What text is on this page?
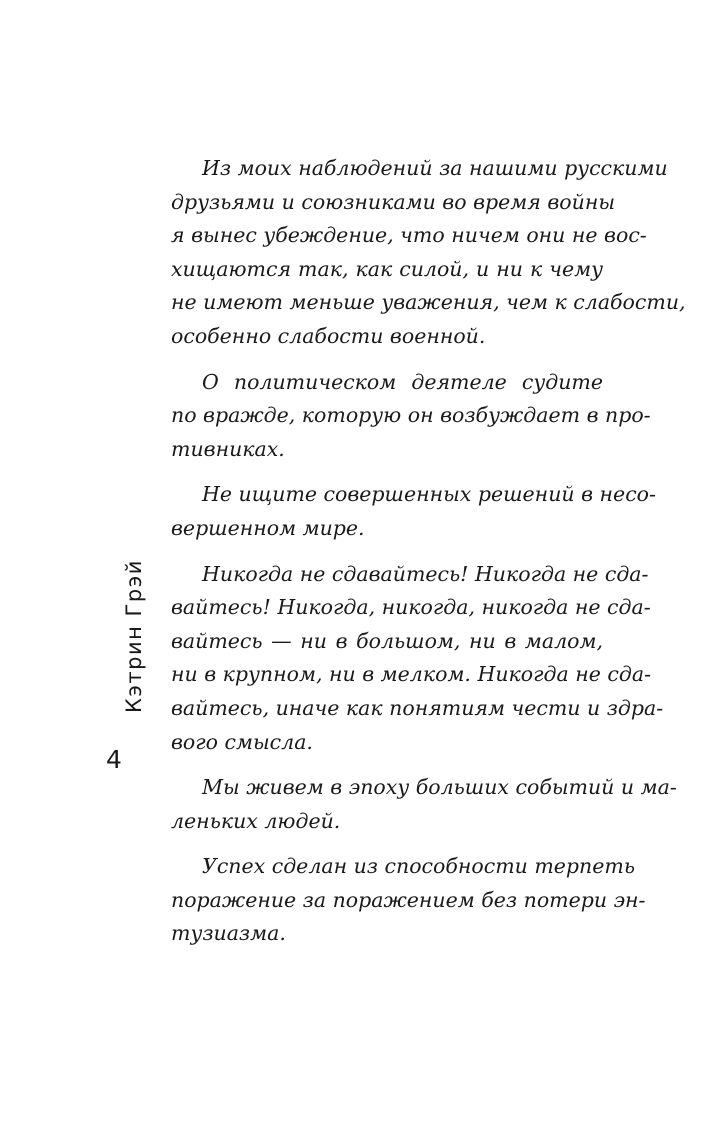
Кэтрин Грэй
4
Из моих наблюдений за нашими русскими
друзьями и союзниками во время войны
я вынес убеждение, что ничем они не вос-
хищаются так, как силой, и ни к чему
не имеют меньше уважения, чем к слабости,
особенно слабости военной.
О политическом деятеле судите
по вражде, которую он возбуждает в про-
тивниках.
Не ищите совершенных решений в несо-
вершенном мире.
Никогда не сдавайтесь! Никогда не сда-
вайтесь! Никогда, никогда, никогда не сда-
вайтесь — ни в большом, ни в малом,
ни в крупном, ни в мелком. Никогда не сда-
вайтесь, иначе как понятиям чести и здра-
вого смысла.
Мы живем в эпоху больших событий и ма-
леньких людей.
Успех сделан из способности терпеть
поражение за поражением без потери эн-
тузиазма.
